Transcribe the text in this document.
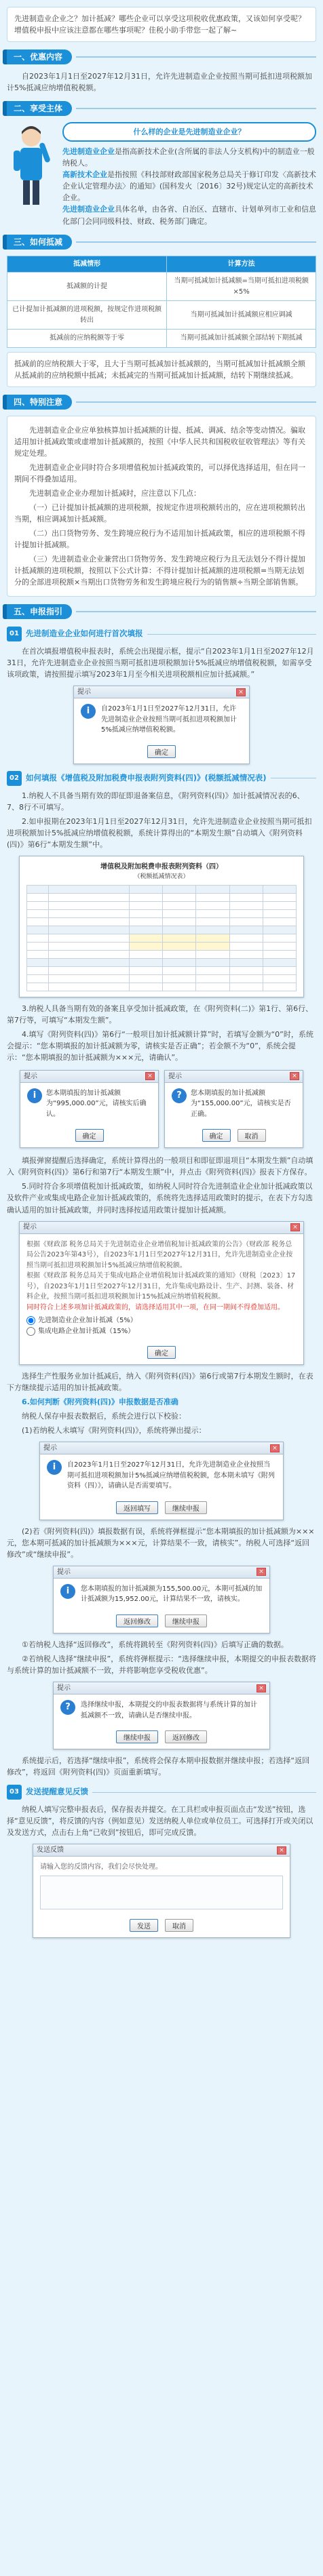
先进制造业企业之？加计抵减？哪些企业可以享受这项税收优惠政策，又该如何享受呢？增值税申报中应该注意都在哪些事项呢？佳税小助手带您一起了解~
一、优惠内容

自2023年1月1日至2027年12月31日，允许先进制造业企业按照当期可抵扣进项税额加计5%抵减应纳增值税税额。

二、享受主体
什么样的企业是先进制造业企业？

先进制造业企业是指高新技术企业(含所属的非法人分支机构)中的制造业一般纳税人。

高新技术企业是指按照《科技部财政部国家税务总局关于修订印发〈高新技术企业认定管理办法〉的通知》(国科发火〔2016〕32号)规定认定的高新技术企业。

先进制造业企业具体名单，由各省、自治区、直辖市、计划单列市工业和信息化部门会同同级科技、财政、税务部门确定。

三、如何抵减
抵减情形	计算方法
抵减额的计提	当期可抵减加计抵减额=当期可抵扣进项税额×5%
已计提加计抵减额的进项税额，按规定作进项税额转出	当期可抵减加计抵减额应相应调减
抵减前的应纳税额等于零	当期可抵减加计抵减额全部结转下期抵减
抵减前的应纳税额大于零，且大于当期可抵减加计抵减额的，当期可抵减加计抵减额全额从抵减前的应纳税额中抵减；未抵减完的当期可抵减加计抵减额，结转下期继续抵减。
四、特别注意

先进制造业企业应单独核算加计抵减额的计提、抵减、调减、结余等变动情况。骗取适用加计抵减政策或虚增加计抵减额的，按照《中华人民共和国税收征收管理法》等有关规定处理。

先进制造业企业同时符合多项增值税加计抵减政策的，可以择优选择适用，但在同一期间不得叠加适用。

先进制造业企业办理加计抵减时，应注意以下几点：

（一）已计提加计抵减额的进项税额，按规定作进项税额转出的，应在进项税额转出当期，相应调减加计抵减额。

（二）出口货物劳务、发生跨境应税行为不适用加计抵减政策，相应的进项税额不得计提加计抵减额。

（三）先进制造业企业兼营出口货物劳务、发生跨境应税行为且无法划分不得计提加计抵减额的进项税额，按照以下公式计算：不得计提加计抵减额的进项税额=当期无法划分的全部进项税额×当期出口货物劳务和发生跨境应税行为的销售额÷当期全部销售额。

五、申报指引
01 先进制造业企业如何进行首次填报

在首次填报增值税申报表时，系统会出现提示框，提示“自2023年1月1日至2027年12月31日，允许先进制造业企业按照当期可抵扣进项税额加计5%抵减应纳增值税税额，如需享受该项政策，请按照提示填写2023年1月至今相关进项税额相应加计抵减额。”

提示	×
i	自2023年1月1日至2027年12月31日，允许先进制造业企业按照当期可抵扣进项税额加计5%抵减应纳增值税税额。
确定
02 如何填报《增值税及附加税费申报表附列资料(四)》(税额抵减情况表)

1.纳税人不具备当期有效的即征即退备案信息，《附列资料(四)》加计抵减情况表的6、7、8行不可填写。

2.如申报期在2023年1月1日至2027年12月31日，允许先进制造业企业按照当期可抵扣进项税额加计5%抵减应纳增值税税额，系统计算得出的“本期发生额”自动填入《附列资料(四)》第6行“本期发生额”中。

增值税及附加税费申报表附列资料（四）
（税额抵减情况表）

3.纳税人具备当期有效的备案且享受加计抵减政策，在《附列资料(二)》第1行、第6行、第7行等，可填写“本期发生额”。

4.填写《附列资料(四)》第6行“一般项目加计抵减额计算”时，若填写金额为“0”时，系统会提示：“您本期填报的加计抵减额为零，请核实是否正确”；若金额不为“0”，系统会提示：“您本期填报的加计抵减额为×××元，请确认”。

提示	×
i	您本期填报的加计抵减额为“995,000.00”元，请核实后确认。
确定
提示	×
?	您本期填报的加计抵减额为“155,000.00”元，请核实是否正确。
确定	取消

填报弹窗提醒后选择确定，系统计算得出的一般项目和即征即退项目“本期发生额”自动填入《附列资料(四)》第6行和第7行“本期发生额”中，并点击《附列资料(四)》报表下方保存。

5.同时符合多项增值税加计抵减政策，如纳税人同时符合先进制造业企业加计抵减政策以及软件产业或集成电路企业加计抵减政策的，系统将先选择适用政策时的提示，在表下方勾选确认适用的加计抵减政策，并同时选择按适用政策计提加计抵减额。

提示	×

根据《财政部 税务总局关于先进制造业企业增值税加计抵减政策的公告》（财政部 税务总局公告2023年第43号），自2023年1月1日至2027年12月31日，允许先进制造业企业按照当期可抵扣进项税额加计5%抵减应纳增值税税额。

根据《财政部 税务总局关于集成电路企业增值税加计抵减政策的通知》（财税〔2023〕17号），自2023年1月1日至2027年12月31日，允许集成电路设计、生产、封测、装备、材料企业，按照当期可抵扣进项税额加计15%抵减应纳增值税税额。

同时符合上述多项加计抵减政策的，请选择适用其中一项，在同一期间不得叠加适用。

先进制造业企业加计抵减（5%）
集成电路企业加计抵减（15%）
确定

选择生产性服务业加计抵减后，纳入《附列资料(四)》第6行或第7行本期发生额时，在表下方继续提示适用的加计抵减政策。

6.如何判断《附列资料(四)》申报数据是否准确

纳税人保存申报表数据后，系统会进行以下校验：

(1)若纳税人未填写《附列资料(四)》，系统将弹出提示：

提示	×
i	自2023年1月1日至2027年12月31日，允许先进制造业企业按照当期可抵扣进项税额加计5%抵减应纳增值税税额，您本期未填写《附列资料（四）》，请确认是否需要填写。
返回填写	继续申报

(2)若《附列资料(四)》填报数据有误，系统将弹框提示“您本期填报的加计抵减额为×××元，您本期可抵减的加计抵减额为×××元，计算结果不一致，请核实”。纳税人可选择“返回修改”或“继续申报”。

提示	×
i	您本期填报的加计抵减额为155,500.00元，本期可抵减的加计抵减额为15,952.00元，计算结果不一致，请核实。
返回修改	继续申报

①若纳税人选择“返回修改”，系统将跳转至《附列资料(四)》后填写正确的数据。

②若纳税人选择“继续申报”，系统将弹框提示：“选择继续申报，本期提交的申报表数据将与系统计算的加计抵减额不一致，并将影响您享受税收优惠”。

提示	×
?	选择继续申报，本期提交的申报表数据将与系统计算的加计抵减额不一致，请确认是否继续申报。
继续申报	返回修改

系统提示后，若选择“继续申报”，系统将会保存本期申报数据并继续申报；若选择“返回修改”，将返回《附列资料(四)》页面重新填写。

03 发送提醒意见反馈

纳税人填写完整申报表后，保存报表并提交。在工具栏或申报页面点击“发送”按钮，选择“意见反馈”，将反馈的内容（例如意见）发送纳税人单位或单位员工。可选择打开或关闭以及发送方式，点击右上角“已收到”按钮后，即可完成反馈。

发送反馈	×

请输入您的反馈内容，我们会尽快处理。

发送	取消
